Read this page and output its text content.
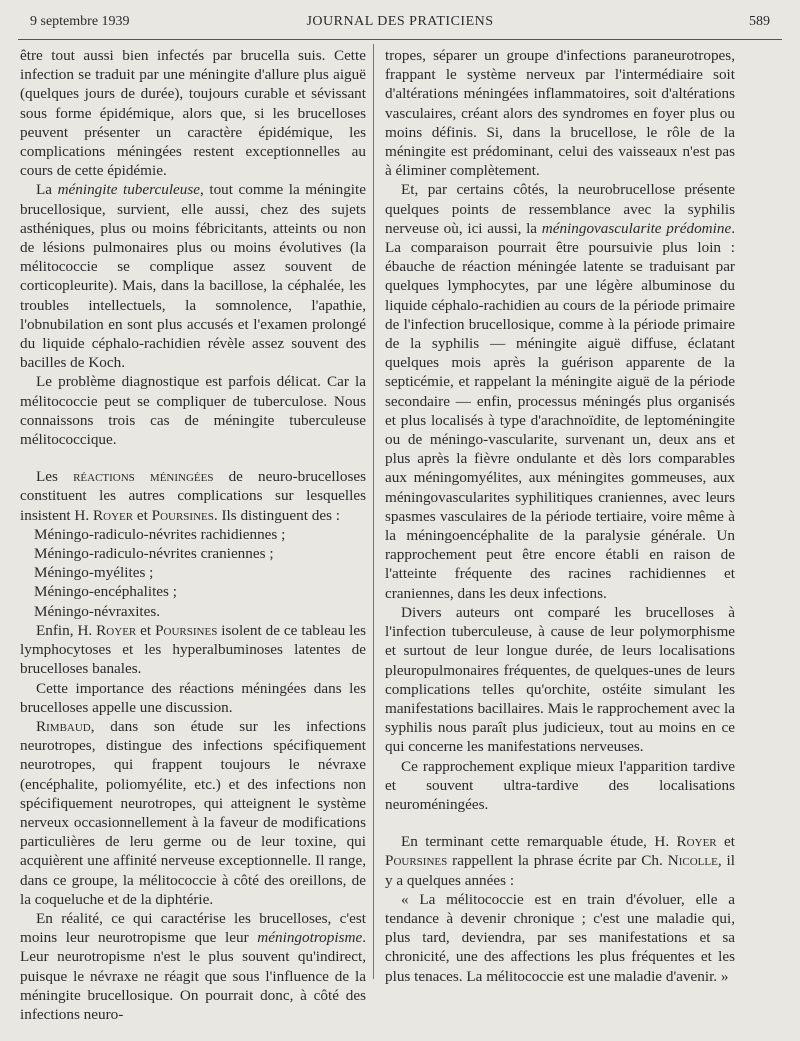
9 septembre 1939	JOURNAL DES PRATICIENS	589

être tout aussi bien infectés par brucella suis. Cette infection se traduit par une méningite d'allure plus aiguë (quelques jours de durée), toujours curable et sévissant sous forme épidémique, alors que, si les brucelloses peuvent présenter un caractère épidémique, les complications méningées restent exceptionnelles au cours de cette épidémie.

La méningite tuberculeuse, tout comme la méningite brucellosique, survient, elle aussi, chez des sujets asthéniques, plus ou moins fébricitants, atteints ou non de lésions pulmonaires plus ou moins évolutives (la mélitococcie se complique assez souvent de corticopleurite). Mais, dans la bacillose, la céphalée, les troubles intellectuels, la somnolence, l'apathie, l'obnubilation en sont plus accusés et l'examen prolongé du liquide céphalo-rachidien révèle assez souvent des bacilles de Koch.

Le problème diagnostique est parfois délicat. Car la mélitococcie peut se compliquer de tuberculose. Nous connaissons trois cas de méningite tuberculeuse mélitococcique.

Les réactions méningées de neuro-brucelloses constituent les autres complications sur lesquelles insistent H. Royer et Poursines. Ils distinguent des :

Méningo-radiculo-névrites rachidiennes ;

Méningo-radiculo-névrites craniennes ;

Méningo-myélites ;

Méningo-encéphalites ;

Méningo-névraxites.

Enfin, H. Royer et Poursines isolent de ce tableau les lymphocytoses et les hyperalbuminoses latentes de brucelloses banales.

Cette importance des réactions méningées dans les brucelloses appelle une discussion.

Rimbaud, dans son étude sur les infections neurotropes, distingue des infections spécifiquement neurotropes, qui frappent toujours le névraxe (encéphalite, poliomyélite, etc.) et des infections non spécifiquement neurotropes, qui atteignent le système nerveux occasionnellement à la faveur de modifications particulières de leru germe ou de leur toxine, qui acquièrent une affinité nerveuse exceptionnelle. Il range, dans ce groupe, la mélitococcie à côté des oreillons, de la coqueluche et de la diphtérie.

En réalité, ce qui caractérise les brucelloses, c'est moins leur neurotropisme que leur méningotropisme. Leur neurotropisme n'est le plus souvent qu'indirect, puisque le névraxe ne réagit que sous l'influence de la méningite brucellosique. On pourrait donc, à côté des infections neuro-

tropes, séparer un groupe d'infections paraneurotropes, frappant le système nerveux par l'intermédiaire soit d'altérations méningées inflammatoires, soit d'altérations vasculaires, créant alors des syndromes en foyer plus ou moins définis. Si, dans la brucellose, le rôle de la méningite est prédominant, celui des vaisseaux n'est pas à éliminer complètement.

Et, par certains côtés, la neurobrucellose présente quelques points de ressemblance avec la syphilis nerveuse où, ici aussi, la méningovascularite prédomine. La comparaison pourrait être poursuivie plus loin : ébauche de réaction méningée latente se traduisant par quelques lymphocytes, par une légère albuminose du liquide céphalo-rachidien au cours de la période primaire de l'infection brucellosique, comme à la période primaire de la syphilis — méningite aiguë diffuse, éclatant quelques mois après la guérison apparente de la septicémie, et rappelant la méningite aiguë de la période secondaire — enfin, processus méningés plus organisés et plus localisés à type d'arachnoïdite, de leptoméningite ou de méningo-vascularite, survenant un, deux ans et plus après la fièvre ondulante et dès lors comparables aux méningomyélites, aux méningites gommeuses, aux méningovascularites syphilitiques craniennes, avec leurs spasmes vasculaires de la période tertiaire, voire même à la méningoencéphalite de la paralysie générale. Un rapprochement peut être encore établi en raison de l'atteinte fréquente des racines rachidiennes et craniennes, dans les deux infections.

Divers auteurs ont comparé les brucelloses à l'infection tuberculeuse, à cause de leur polymorphisme et surtout de leur longue durée, de leurs localisations pleuropulmonaires fréquentes, de quelques-unes de leurs complications telles qu'orchite, ostéite simulant les manifestations bacillaires. Mais le rapprochement avec la syphilis nous paraît plus judicieux, tout au moins en ce qui concerne les manifestations nerveuses.

Ce rapprochement explique mieux l'apparition tardive et souvent ultra-tardive des localisations neuroméningées.

En terminant cette remarquable étude, H. Royer et Poursines rappellent la phrase écrite par Ch. Nicolle, il y a quelques années :

« La mélitococcie est en train d'évoluer, elle a tendance à devenir chronique ; c'est une maladie qui, plus tard, deviendra, par ses manifestations et sa chronicité, une des affections les plus fréquentes et les plus tenaces. La mélitococcie est une maladie d'avenir. »
